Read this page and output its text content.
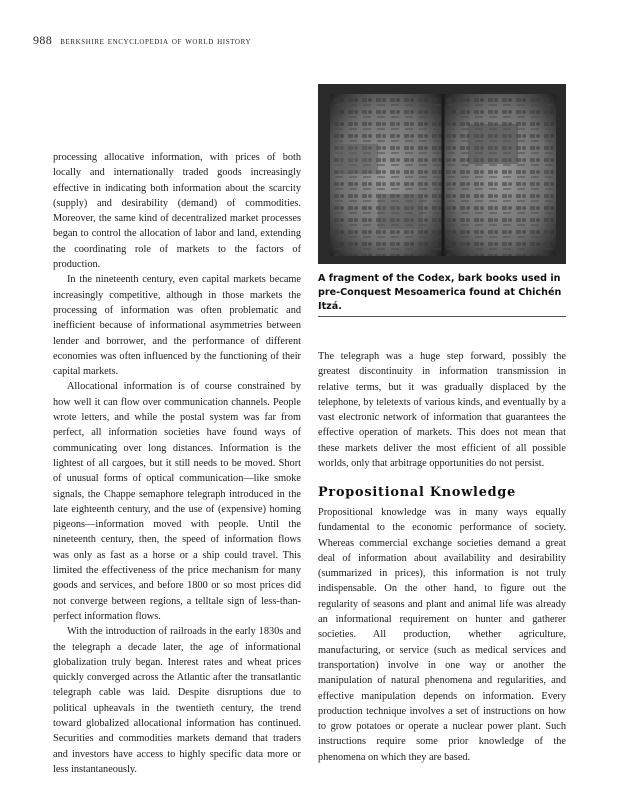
988 berkshire encyclopedia of world history

processing allocative information, with prices of both locally and internationally traded goods increasingly effective in indicating both information about the scarcity (supply) and desirability (demand) of commodities. Moreover, the same kind of decentralized market processes began to control the allocation of labor and land, extending the coordinating role of markets to the factors of production.

In the nineteenth century, even capital markets became increasingly competitive, although in those markets the processing of information was often problematic and inefficient because of informational asymmetries between lender and borrower, and the performance of different economies was often influenced by the functioning of their capital markets.

Allocational information is of course constrained by how well it can flow over communication channels. People wrote letters, and while the postal system was far from perfect, all information societies have found ways of communicating over long distances. Information is the lightest of all cargoes, but it still needs to be moved. Short of unusual forms of optical communication—like smoke signals, the Chappe semaphore telegraph introduced in the late eighteenth century, and the use of (expensive) homing pigeons—information moved with people. Until the nineteenth century, then, the speed of information flows was only as fast as a horse or a ship could travel. This limited the effectiveness of the price mechanism for many goods and services, and before 1800 or so most prices did not converge between regions, a telltale sign of less-than-perfect information flows.

With the introduction of railroads in the early 1830s and the telegraph a decade later, the age of informational globalization truly began. Interest rates and wheat prices quickly converged across the Atlantic after the transatlantic telegraph cable was laid. Despite disruptions due to political upheavals in the twentieth century, the trend toward globalized allocational information has continued. Securities and commodities markets demand that traders and investors have access to highly specific data more or less instantaneously.

A fragment of the Codex, bark books used in pre-Conquest Mesoamerica found at Chichén Itzá.

The telegraph was a huge step forward, possibly the greatest discontinuity in information transmission in relative terms, but it was gradually displaced by the telephone, by teletexts of various kinds, and eventually by a vast electronic network of information that guarantees the effective operation of markets. This does not mean that these markets deliver the most efficient of all possible worlds, only that arbitrage opportunities do not persist.

Propositional Knowledge

Propositional knowledge was in many ways equally fundamental to the economic performance of society. Whereas commercial exchange societies demand a great deal of information about availability and desirability (summarized in prices), this information is not truly indispensable. On the other hand, to figure out the regularity of seasons and plant and animal life was already an informational requirement on hunter and gatherer societies. All production, whether agriculture, manufacturing, or service (such as medical services and transportation) involve in one way or another the manipulation of natural phenomena and regularities, and effective manipulation depends on information. Every production technique involves a set of instructions on how to grow potatoes or operate a nuclear power plant. Such instructions require some prior knowledge of the phenomena on which they are based.
